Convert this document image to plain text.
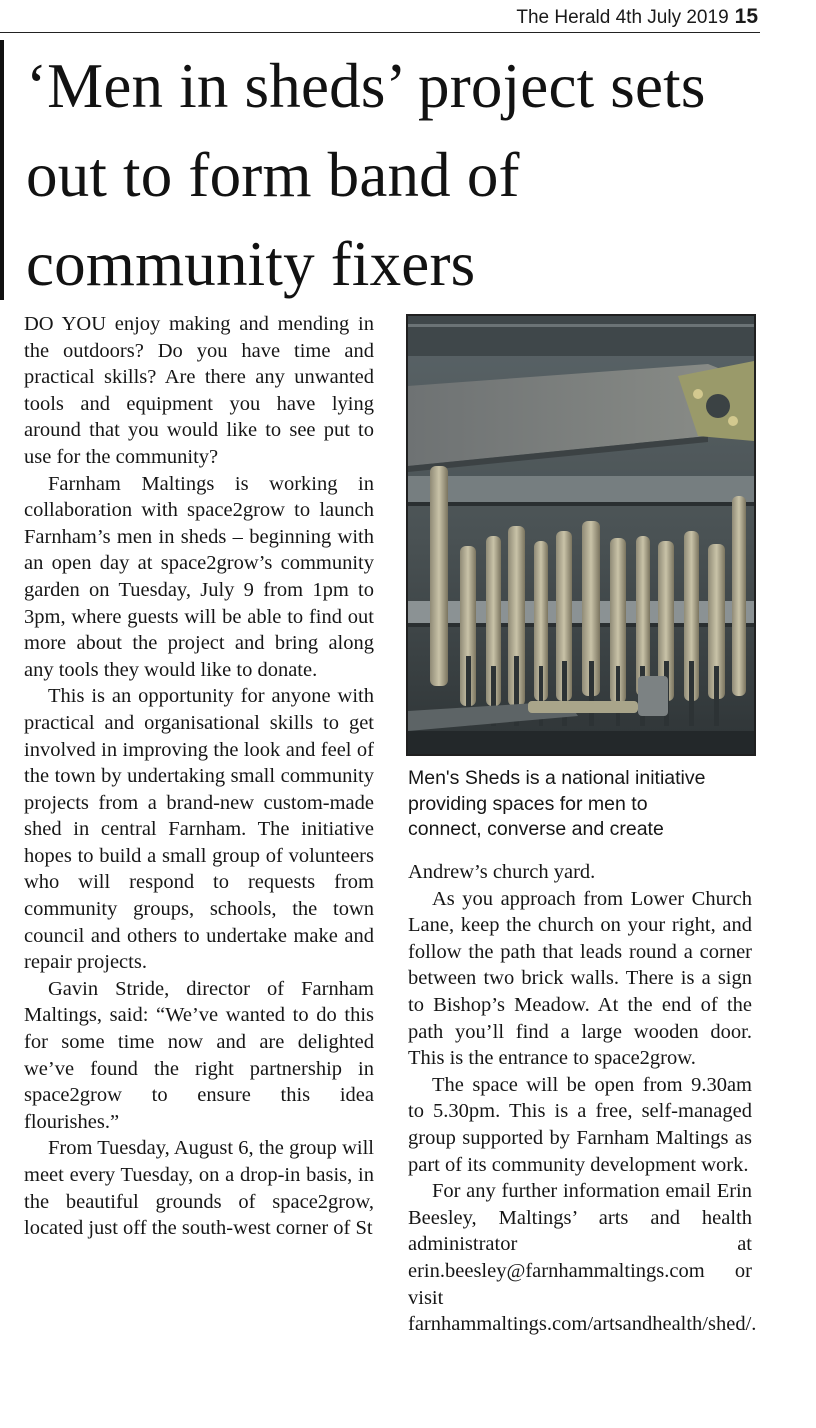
The Herald 4th July 2019 15
‘Men in sheds’ project sets out to form band of community fixers

DO YOU enjoy making and mending in the outdoors? Do you have time and practical skills? Are there any unwanted tools and equipment you have lying around that you would like to see put to use for the community?

Farnham Maltings is working in collaboration with space2grow to launch Farnham’s men in sheds – beginning with an open day at space2grow’s community garden on Tuesday, July 9 from 1pm to 3pm, where guests will be able to find out more about the project and bring along any tools they would like to donate.

This is an opportunity for anyone with practical and organisational skills to get involved in improving the look and feel of the town by undertaking small community projects from a brand-new custom-made shed in central Farnham. The initiative hopes to build a small group of volunteers who will respond to requests from community groups, schools, the town council and others to undertake make and repair projects.

Gavin Stride, director of Farnham Maltings, said: “We’ve wanted to do this for some time now and are delighted we’ve found the right partnership in space2grow to ensure this idea flourishes.”

From Tuesday, August 6, the group will meet every Tuesday, on a drop-in basis, in the beautiful grounds of space2grow, located just off the south-west corner of St

Men's Sheds is a national initiative
providing spaces for men to
connect, converse and create

Andrew’s church yard.

As you approach from Lower Church Lane, keep the church on your right, and follow the path that leads round a corner between two brick walls. There is a sign to Bishop’s Meadow. At the end of the path you’ll find a large wooden door. This is the entrance to space2grow.

The space will be open from 9.30am to 5.30pm. This is a free, self-managed group supported by Farnham Maltings as part of its community development work.

For any further information email Erin Beesley, Maltings’ arts and health administrator at erin.beesley@farnhammaltings.com or visit farnhammaltings.com/artsandhealth/shed/.
